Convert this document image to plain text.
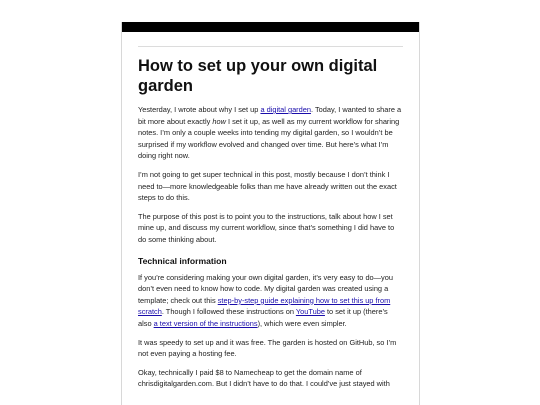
How to set up your own digital garden

Yesterday, I wrote about why I set up a digital garden. Today, I wanted to share a bit more about exactly how I set it up, as well as my current workflow for sharing notes. I’m only a couple weeks into tending my digital garden, so I wouldn’t be surprised if my workflow evolved and changed over time. But here’s what I’m doing right now.

I’m not going to get super technical in this post, mostly because I don’t think I need to—more knowledgeable folks than me have already written out the exact steps to do this.

The purpose of this post is to point you to the instructions, talk about how I set mine up, and discuss my current workflow, since that’s something I did have to do some thinking about.

Technical information

If you’re considering making your own digital garden, it’s very easy to do—you don’t even need to know how to code. My digital garden was created using a template; check out this step-by-step guide explaining how to set this up from scratch. Though I followed these instructions on YouTube to set it up (there’s also a text version of the instructions), which were even simpler.

It was speedy to set up and it was free. The garden is hosted on GitHub, so I’m not even paying a hosting fee.

Okay, technically I paid $8 to Namecheap to get the domain name of chrisdigitalgarden.com. But I didn’t have to do that. I could’ve just stayed with
